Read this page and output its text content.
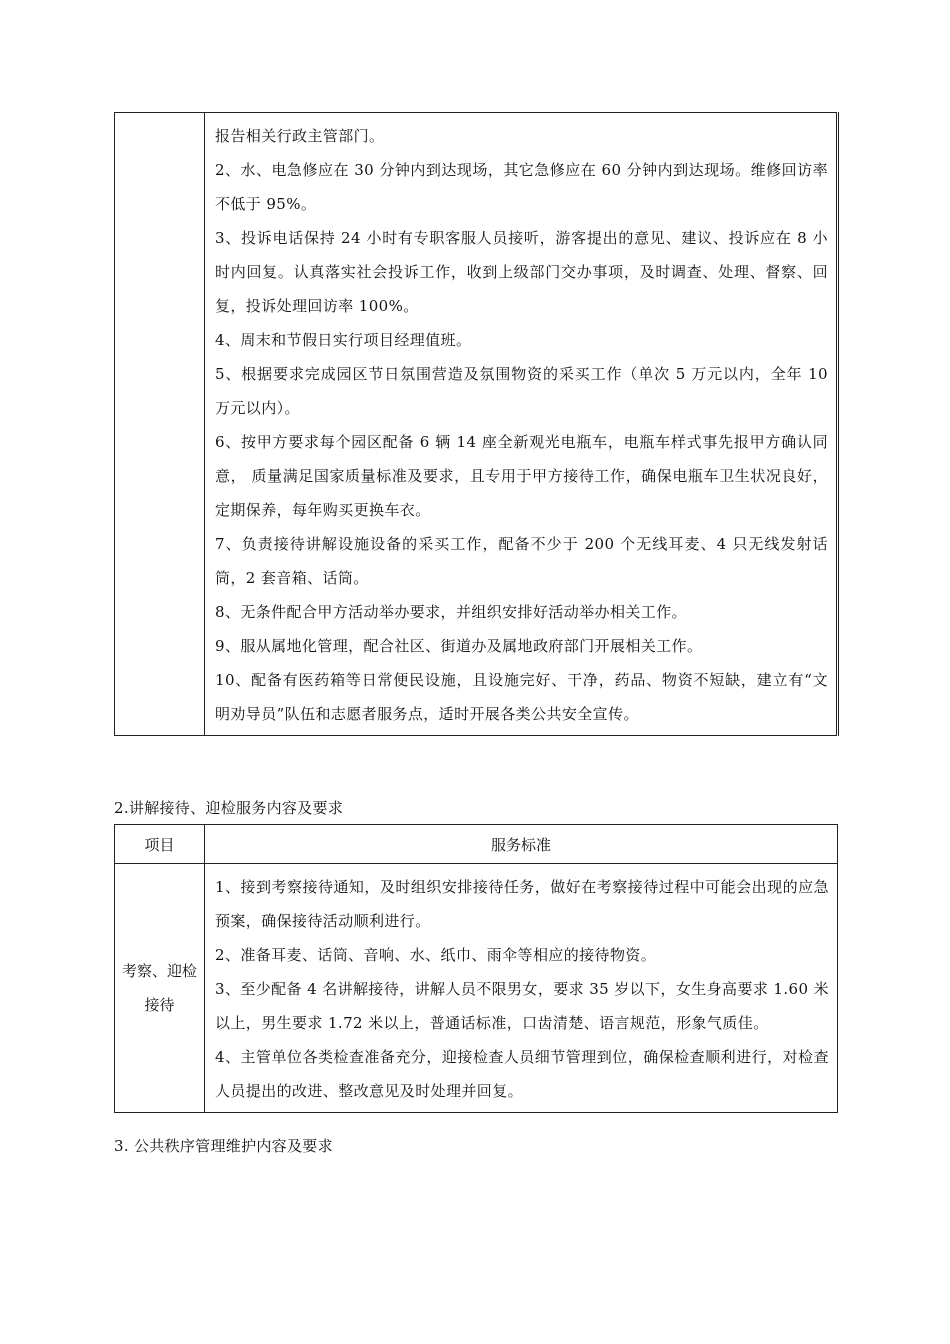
报告相关行政主管部门。

2、水、电急修应在 30 分钟内到达现场，其它急修应在 60 分钟内到达现场。维修回访率不低于 95%。

3、投诉电话保持 24 小时有专职客服人员接听，游客提出的意见、建议、投诉应在 8 小时内回复。认真落实社会投诉工作，收到上级部门交办事项，及时调查、处理、督察、回复，投诉处理回访率 100%。

4、周末和节假日实行项目经理值班。

5、根据要求完成园区节日氛围营造及氛围物资的采买工作（单次 5 万元以内，全年 10 万元以内）。

6、按甲方要求每个园区配备 6 辆 14 座全新观光电瓶车，电瓶车样式事先报甲方确认同意， 质量满足国家质量标准及要求，且专用于甲方接待工作，确保电瓶车卫生状况良好，定期保养，每年购买更换车衣。

7、负责接待讲解设施设备的采买工作，配备不少于 200 个无线耳麦、4 只无线发射话筒，2 套音箱、话筒。

8、无条件配合甲方活动举办要求，并组织安排好活动举办相关工作。

9、服从属地化管理，配合社区、街道办及属地政府部门开展相关工作。

10、配备有医药箱等日常便民设施，且设施完好、干净，药品、物资不短缺，建立有“文明劝导员”队伍和志愿者服务点，适时开展各类公共安全宣传。

2.讲解接待、迎检服务内容及要求
项目	服务标准
考察、迎检接待	1、接到考察接待通知，及时组织安排接待任务，做好在考察接待过程中可能会出现的应急预案，确保接待活动顺利进行。

2、准备耳麦、话筒、音响、水、纸巾、雨伞等相应的接待物资。

3、至少配备 4 名讲解接待，讲解人员不限男女，要求 35 岁以下，女生身高要求 1.60 米以上，男生要求 1.72 米以上，普通话标准，口齿清楚、语言规范，形象气质佳。

4、主管单位各类检查准备充分，迎接检查人员细节管理到位，确保检查顺利进行，对检查人员提出的改进、整改意见及时处理并回复。

3. 公共秩序管理维护内容及要求
